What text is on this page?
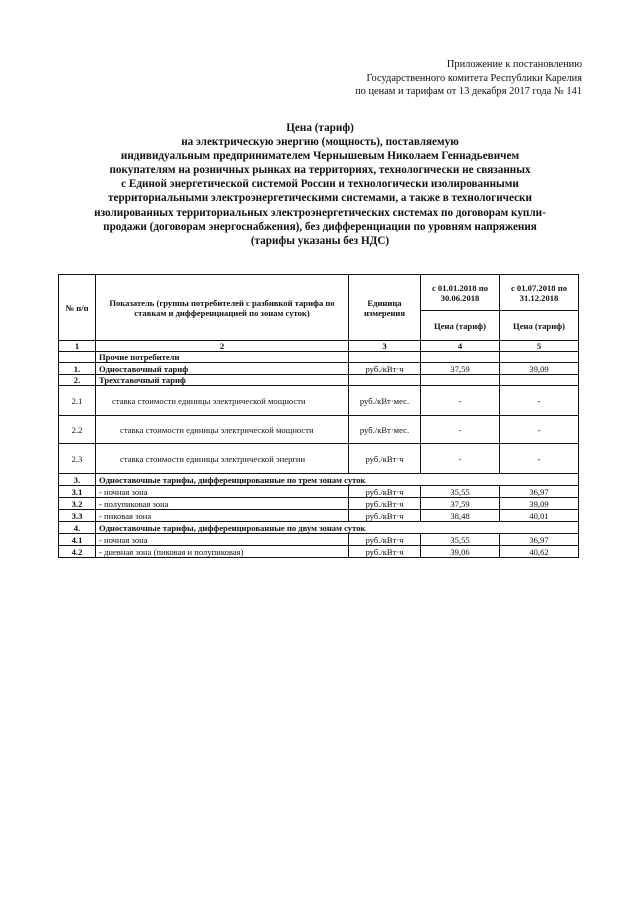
Приложение к постановлению
Государственного комитета Республики Карелия
по ценам и тарифам от 13 декабря 2017 года № 141
Цена (тариф)
на электрическую энергию (мощность), поставляемую
индивидуальным предпринимателем Чернышевым Николаем Геннадьевичем
покупателям на розничных рынках на территориях, технологически не связанных
с Единой энергетической системой России и технологически изолированными
территориальными электроэнергетическими системами, а также в технологически
изолированных территориальных электроэнергетических системах по договорам купли-
продажи (договорам энергоснабжения), без дифференциации по уровням напряжения
(тарифы указаны без НДС)
№ п/п	Показатель (группы потребителей с разбивкой тарифа по ставкам и дифференциацией по зонам суток)	Единица измерения	с 01.01.2018 по 30.06.2018	с 01.07.2018 по 31.12.2018
			Цена (тариф)	Цена (тариф)
1	2	3	4	5
	Прочие потребители			
1.	Одноставочный тариф	руб./кВт·ч	37,59	39,09
2.	Трехставочный тариф			
2.1	ставка стоимости единицы электрической мощности	руб./кВт·мес.	-	-
2.2	ставка стоимости единицы электрической мощности	руб./кВт·мес.	-	-
2.3	ставка стоимости единицы электрической энергии	руб./кВт·ч	-	-
3.	Одноставочные тарифы, дифференцированные по трем зонам суток			
3.1	- ночная зона	руб./кВт·ч	35,55	36,97
3.2	- полупиковая зона	руб./кВт·ч	37,59	39,09
3.3	- пиковая зона	руб./кВт·ч	38,48	40,01
4.	Одноставочные тарифы, дифференцированные по двум зонам суток			
4.1	- ночная зона	руб./кВт·ч	35,55	36,97
4.2	- дневная зона (пиковая и полупиковая)	руб./кВт·ч	39,06	40,62
